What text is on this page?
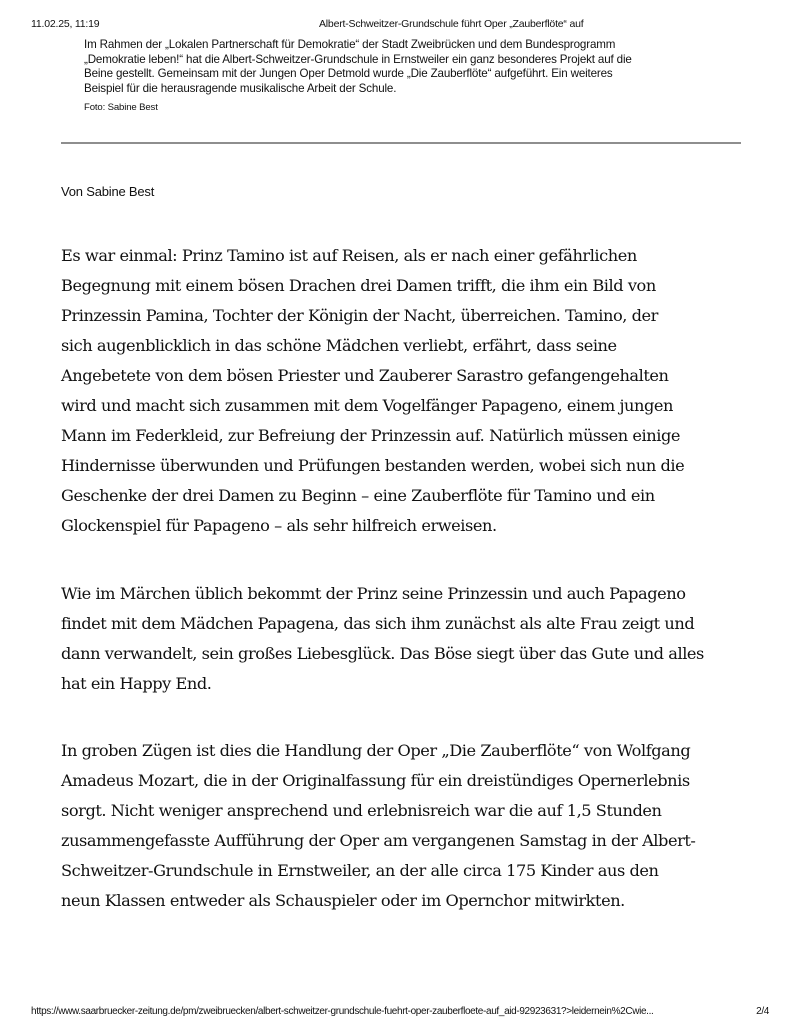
11.02.25, 11:19	Albert-Schweitzer-Grundschule führt Oper „Zauberflöte“ auf
Im Rahmen der „Lokalen Partnerschaft für Demokratie“ der Stadt Zweibrücken und dem Bundesprogramm
„Demokratie leben!“ hat die Albert-Schweitzer-Grundschule in Ernstweiler ein ganz besonderes Projekt auf die
Beine gestellt. Gemeinsam mit der Jungen Oper Detmold wurde „Die Zauberflöte“ aufgeführt. Ein weiteres
Beispiel für die herausragende musikalische Arbeit der Schule.
Foto: Sabine Best
Von Sabine Best

Es war einmal: Prinz Tamino ist auf Reisen, als er nach einer gefährlichen
Begegnung mit einem bösen Drachen drei Damen trifft, die ihm ein Bild von
Prinzessin Pamina, Tochter der Königin der Nacht, überreichen. Tamino, der
sich augenblicklich in das schöne Mädchen verliebt, erfährt, dass seine
Angebetete von dem bösen Priester und Zauberer Sarastro gefangengehalten
wird und macht sich zusammen mit dem Vogelfänger Papageno, einem jungen
Mann im Federkleid, zur Befreiung der Prinzessin auf. Natürlich müssen einige
Hindernisse überwunden und Prüfungen bestanden werden, wobei sich nun die
Geschenke der drei Damen zu Beginn – eine Zauberflöte für Tamino und ein
Glockenspiel für Papageno – als sehr hilfreich erweisen.

Wie im Märchen üblich bekommt der Prinz seine Prinzessin und auch Papageno
findet mit dem Mädchen Papagena, das sich ihm zunächst als alte Frau zeigt und
dann verwandelt, sein großes Liebesglück. Das Böse siegt über das Gute und alles
hat ein Happy End.

In groben Zügen ist dies die Handlung der Oper „Die Zauberflöte“ von Wolfgang
Amadeus Mozart, die in der Originalfassung für ein dreistündiges Opernerlebnis
sorgt. Nicht weniger ansprechend und erlebnisreich war die auf 1,5 Stunden
zusammengefasste Aufführung der Oper am vergangenen Samstag in der Albert-
Schweitzer-Grundschule in Ernstweiler, an der alle circa 175 Kinder aus den
neun Klassen entweder als Schauspieler oder im Opernchor mitwirkten.

https://www.saarbruecker-zeitung.de/pm/zweibruecken/albert-schweitzer-grundschule-fuehrt-oper-zauberfloete-auf_aid-92923631?>leidernein%2Cwie...	2/4
